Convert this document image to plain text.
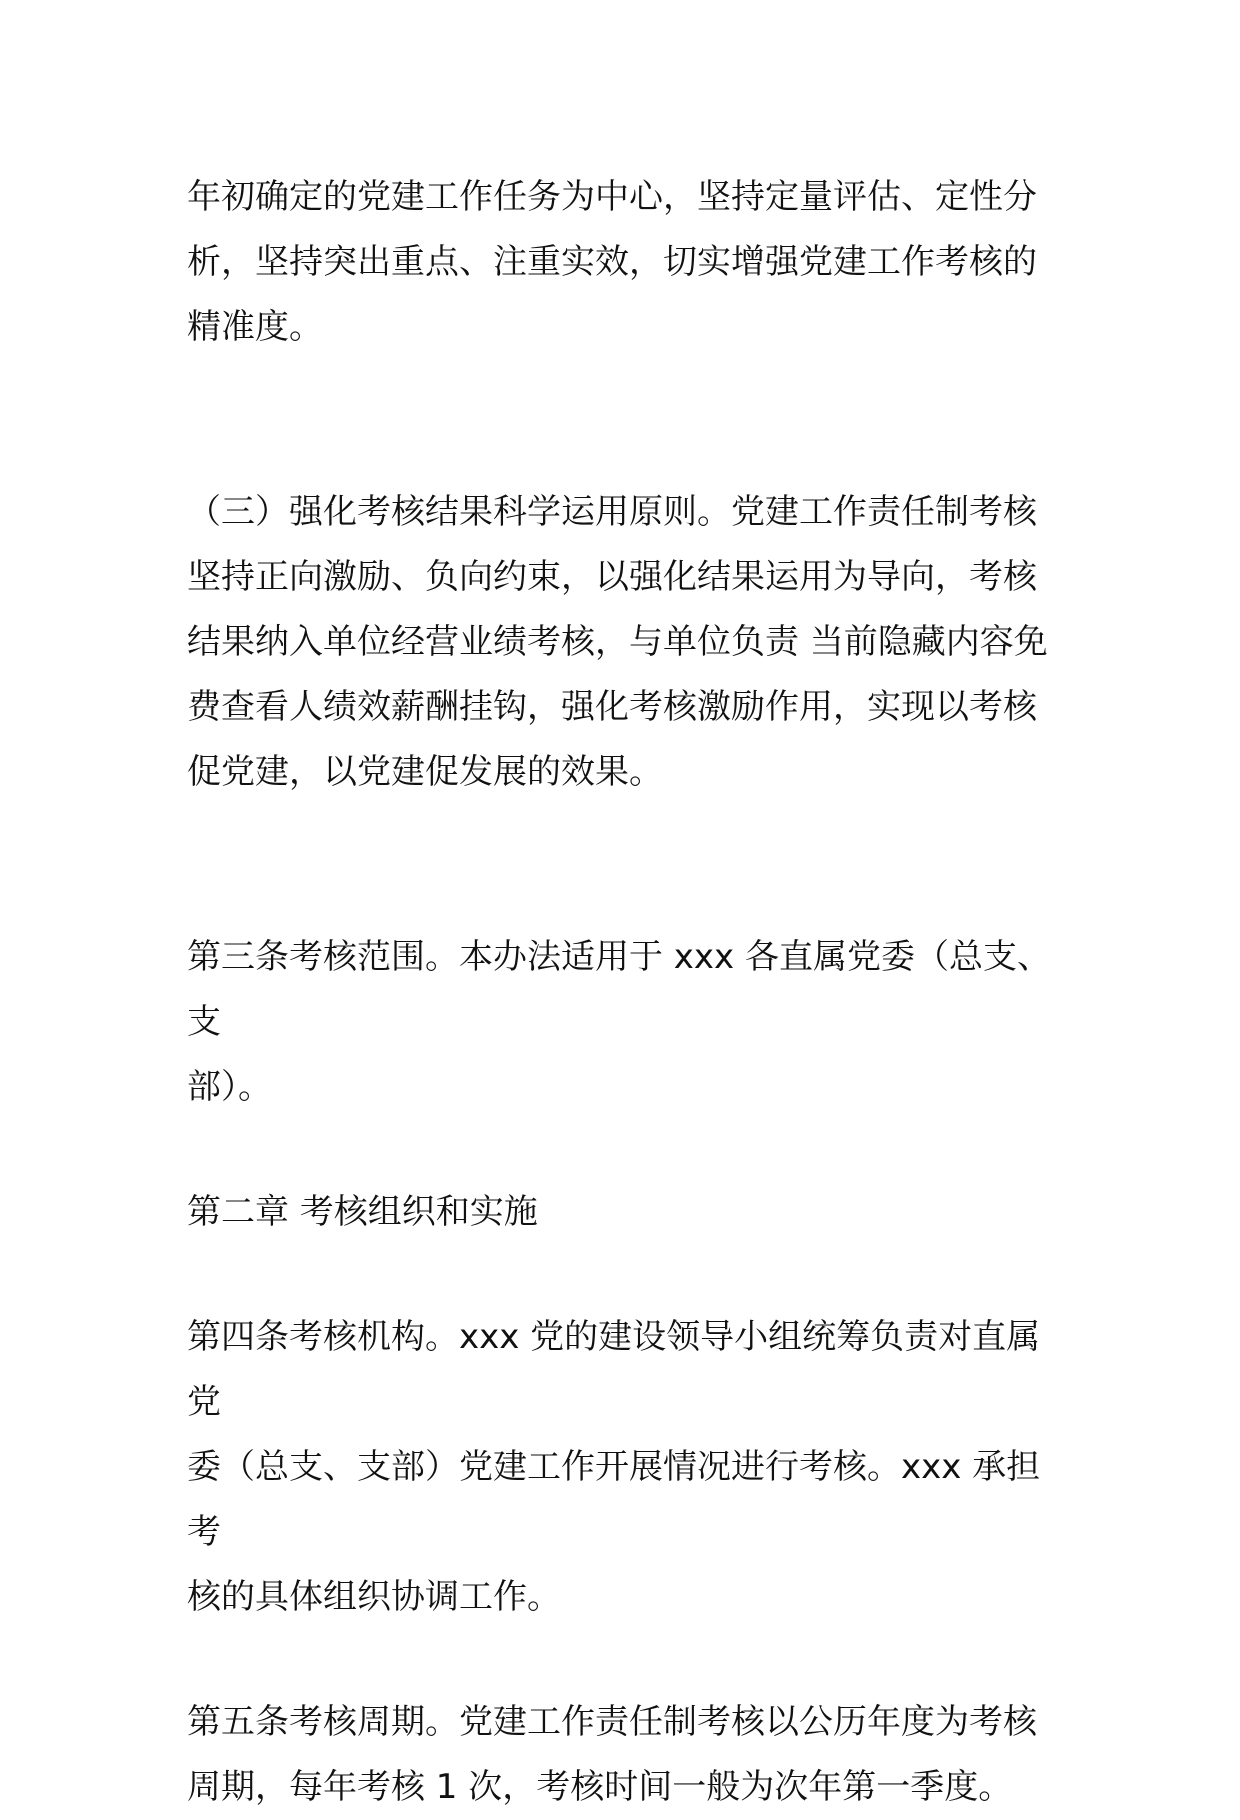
年初确定的党建工作任务为中心，坚持定量评估、定性分
析，坚持突出重点、注重实效，切实增强党建工作考核的
精准度。

（三）强化考核结果科学运用原则。党建工作责任制考核
坚持正向激励、负向约束，以强化结果运用为导向，考核
结果纳入单位经营业绩考核，与单位负责 当前隐藏内容免
费查看人绩效薪酬挂钩，强化考核激励作用，实现以考核
促党建，以党建促发展的效果。

第三条考核范围。本办法适用于 xxx 各直属党委（总支、支
部）。

第二章 考核组织和实施

第四条考核机构。xxx 党的建设领导小组统筹负责对直属党
委（总支、支部）党建工作开展情况进行考核。xxx 承担考
核的具体组织协调工作。

第五条考核周期。党建工作责任制考核以公历年度为考核
周期，每年考核 1 次，考核时间一般为次年第一季度。
